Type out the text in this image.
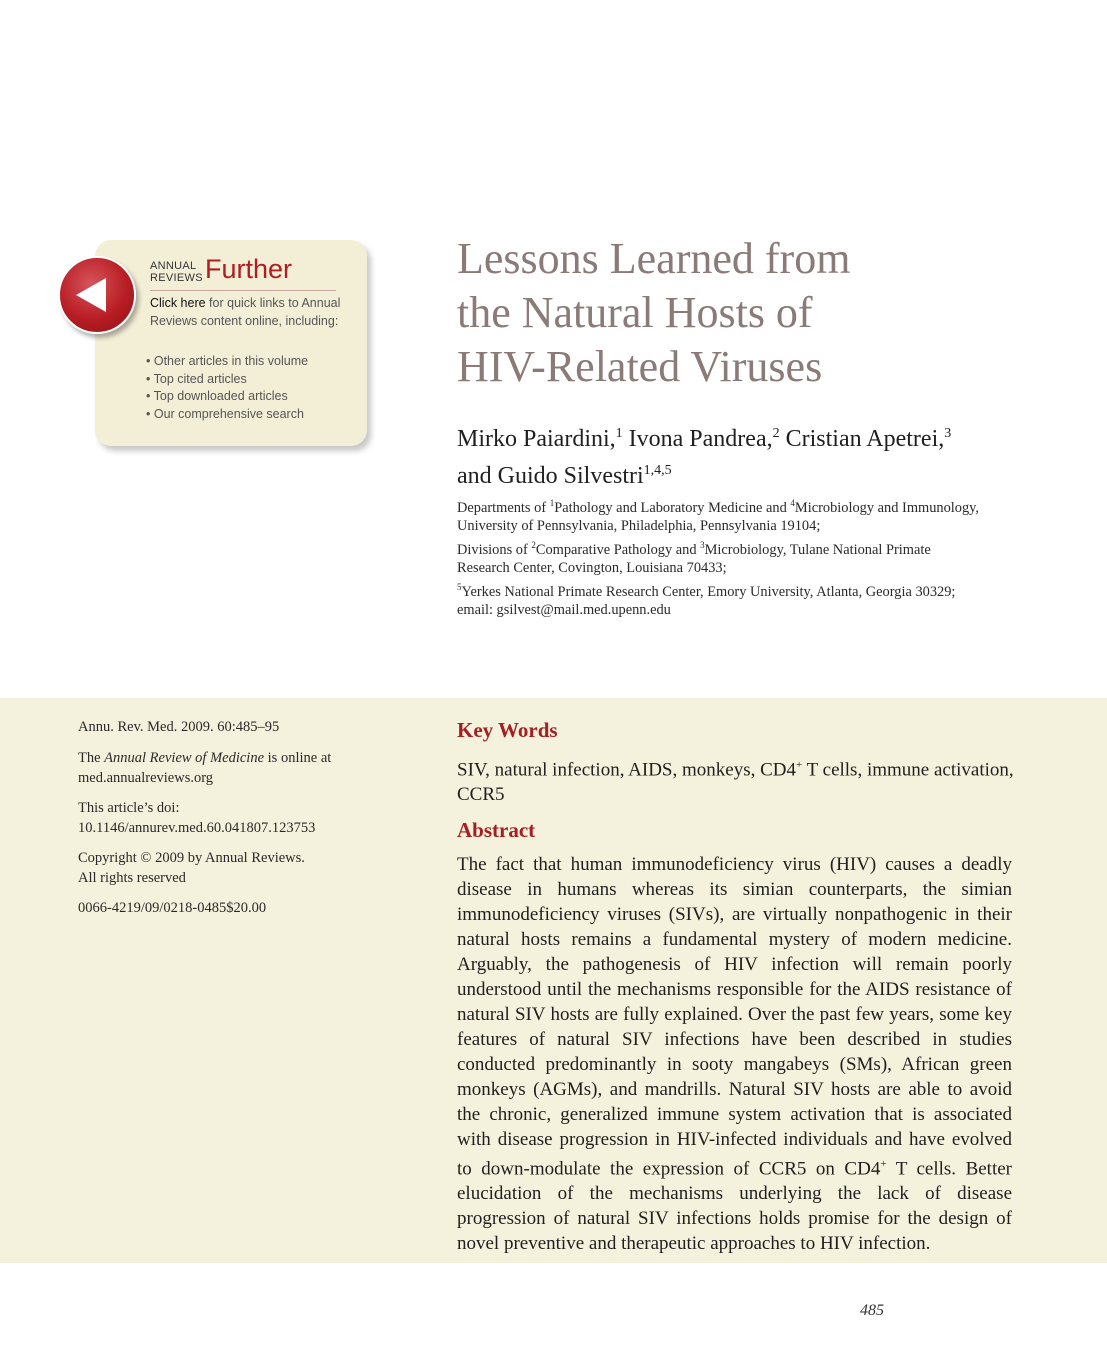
ANNUAL
REVIEWS Further
Click here for quick links to Annual Reviews content online, including:
• Other articles in this volume
• Top cited articles
• Top downloaded articles
• Our comprehensive search
Lessons Learned from
the Natural Hosts of
HIV-Related Viruses
Mirko Paiardini,$^1$ Ivona Pandrea,$^2$ Cristian Apetrei,$^3$
and Guido Silvestri$^{1,4,5}$
Departments of $^1$Pathology and Laboratory Medicine and $^4$Microbiology and Immunology,
University of Pennsylvania, Philadelphia, Pennsylvania 19104;
Divisions of $^2$Comparative Pathology and $^3$Microbiology, Tulane National Primate
Research Center, Covington, Louisiana 70433;
$^5$Yerkes National Primate Research Center, Emory University, Atlanta, Georgia 30329;
email: gsilvest@mail.med.upenn.edu
Annu. Rev. Med. 2009. 60:485–95
The Annual Review of Medicine is online at
med.annualreviews.org
This article’s doi:
10.1146/annurev.med.60.041807.123753
Copyright © 2009 by Annual Reviews.
All rights reserved
0066-4219/09/0218-0485$20.00
Key Words
SIV, natural infection, AIDS, monkeys, CD4+ T cells, immune activation, CCR5
Abstract

The fact that human immunodeficiency virus (HIV) causes a deadly disease in humans whereas its simian counterparts, the simian immunodeficiency viruses (SIVs), are virtually nonpathogenic in their natural hosts remains a fundamental mystery of modern medicine. Arguably, the pathogenesis of HIV infection will remain poorly understood until the mechanisms responsible for the AIDS resistance of natural SIV hosts are fully explained. Over the past few years, some key features of natural SIV infections have been described in studies conducted predominantly in sooty mangabeys (SMs), African green monkeys (AGMs), and mandrills. Natural SIV hosts are able to avoid the chronic, generalized immune system activation that is associated with disease progression in HIV-infected individuals and have evolved to down-modulate the expression of CCR5 on CD4+ T cells. Better elucidation of the mechanisms underlying the lack of disease progression of natural SIV infections holds promise for the design of novel preventive and therapeutic approaches to HIV infection.

485
